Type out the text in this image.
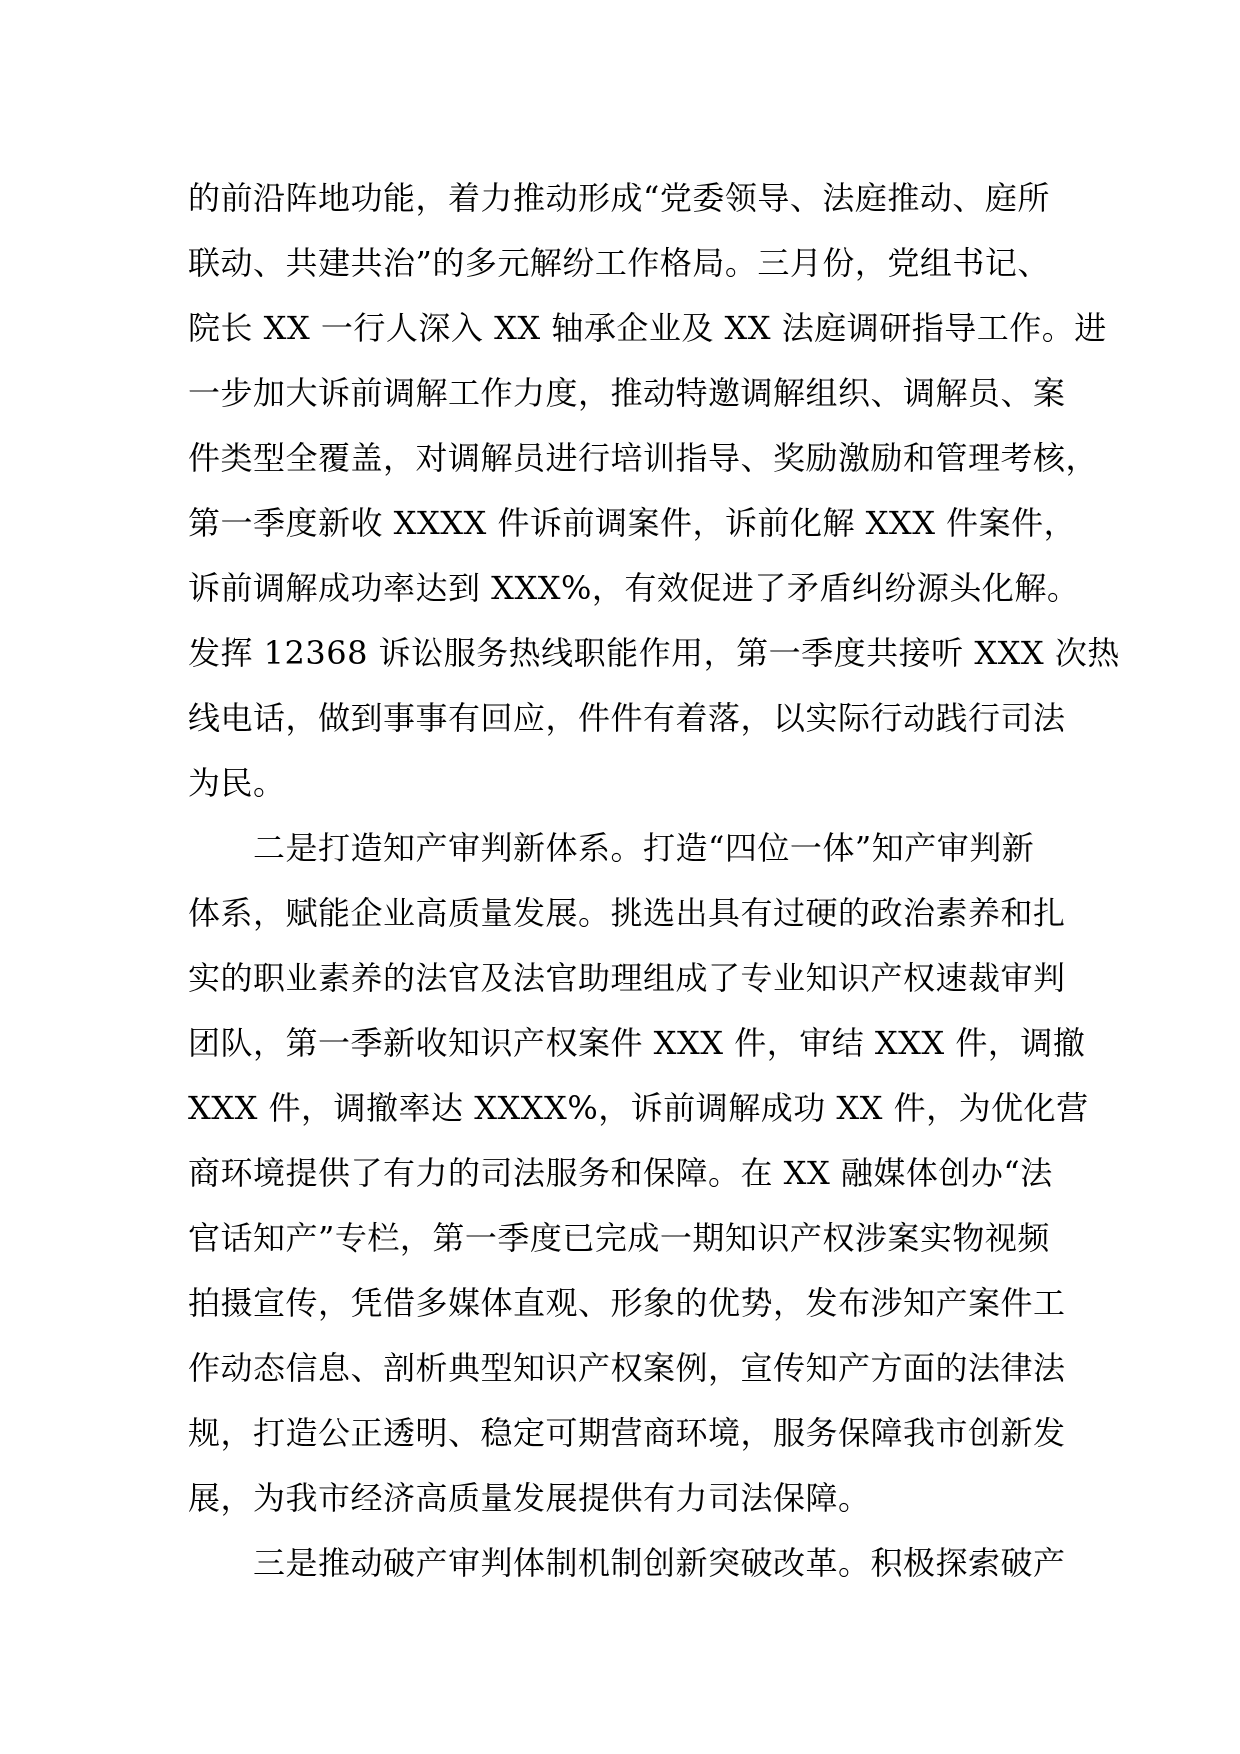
的前沿阵地功能，着力推动形成“党委领导、法庭推动、庭所
联动、共建共治”的多元解纷工作格局。三月份，党组书记、
院长 XX 一行人深入 XX 轴承企业及 XX 法庭调研指导工作。进
一步加大诉前调解工作力度，推动特邀调解组织、调解员、案
件类型全覆盖，对调解员进行培训指导、奖励激励和管理考核，
第一季度新收 XXXX 件诉前调案件，诉前化解 XXX 件案件，
诉前调解成功率达到 XXX%，有效促进了矛盾纠纷源头化解。
发挥 12368 诉讼服务热线职能作用，第一季度共接听 XXX 次热
线电话，做到事事有回应，件件有着落，以实际行动践行司法
为民。
　　二是打造知产审判新体系。打造“四位一体”知产审判新
体系，赋能企业高质量发展。挑选出具有过硬的政治素养和扎
实的职业素养的法官及法官助理组成了专业知识产权速裁审判
团队，第一季新收知识产权案件 XXX 件，审结 XXX 件，调撤
XXX 件，调撤率达 XXXX%，诉前调解成功 XX 件，为优化营
商环境提供了有力的司法服务和保障。在 XX 融媒体创办“法
官话知产”专栏，第一季度已完成一期知识产权涉案实物视频
拍摄宣传，凭借多媒体直观、形象的优势，发布涉知产案件工
作动态信息、剖析典型知识产权案例，宣传知产方面的法律法
规，打造公正透明、稳定可期营商环境，服务保障我市创新发
展，为我市经济高质量发展提供有力司法保障。
　　三是推动破产审判体制机制创新突破改革。积极探索破产
